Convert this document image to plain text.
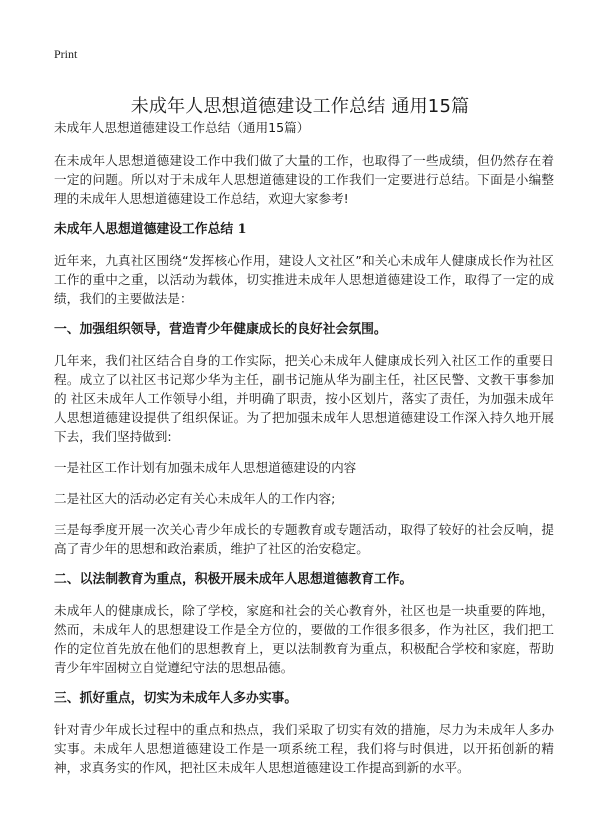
Print
未成年人思想道德建设工作总结 通用15篇

未成年人思想道德建设工作总结（通用15篇）

在未成年人思想道德建设工作中我们做了大量的工作，也取得了一些成绩，但仍然存在着一定的问题。所以对于未成年人思想道德建设的工作我们一定要进行总结。下面是小编整理的未成年人思想道德建设工作总结，欢迎大家参考!

未成年人思想道德建设工作总结 1

近年来，九真社区围绕“发挥核心作用，建设人文社区”和关心未成年人健康成长作为社区工作的重中之重，以活动为载体，切实推进未成年人思想道德建设工作，取得了一定的成绩，我们的主要做法是：

一、加强组织领导，营造青少年健康成长的良好社会氛围。

几年来，我们社区结合自身的工作实际，把关心未成年人健康成长列入社区工作的重要日程。成立了以社区书记郑少华为主任，副书记施从华为副主任，社区民警、文教干事参加的 社区未成年人工作领导小组，并明确了职责，按小区划片，落实了责任，为加强未成年人思想道德建设提供了组织保证。为了把加强未成年人思想道德建设工作深入持久地开展下去，我们坚持做到:

一是社区工作计划有加强未成年人思想道德建设的内容

二是社区大的活动必定有关心未成年人的工作内容;

三是每季度开展一次关心青少年成长的专题教育或专题活动，取得了较好的社会反响，提高了青少年的思想和政治素质，维护了社区的治安稳定。

二、以法制教育为重点，积极开展未成年人思想道德教育工作。

未成年人的健康成长，除了学校，家庭和社会的关心教育外，社区也是一块重要的阵地，然而，未成年人的思想建设工作是全方位的，要做的工作很多很多，作为社区，我们把工作的定位首先放在他们的思想教育上，更以法制教育为重点，积极配合学校和家庭，帮助青少年牢固树立自觉遵纪守法的思想品德。

三、抓好重点，切实为未成年人多办实事。

针对青少年成长过程中的重点和热点，我们采取了切实有效的措施，尽力为未成年人多办实事。未成年人思想道德建设工作是一项系统工程，我们将与时俱进，以开拓创新的精神，求真务实的作风，把社区未成年人思想道德建设工作提高到新的水平。
